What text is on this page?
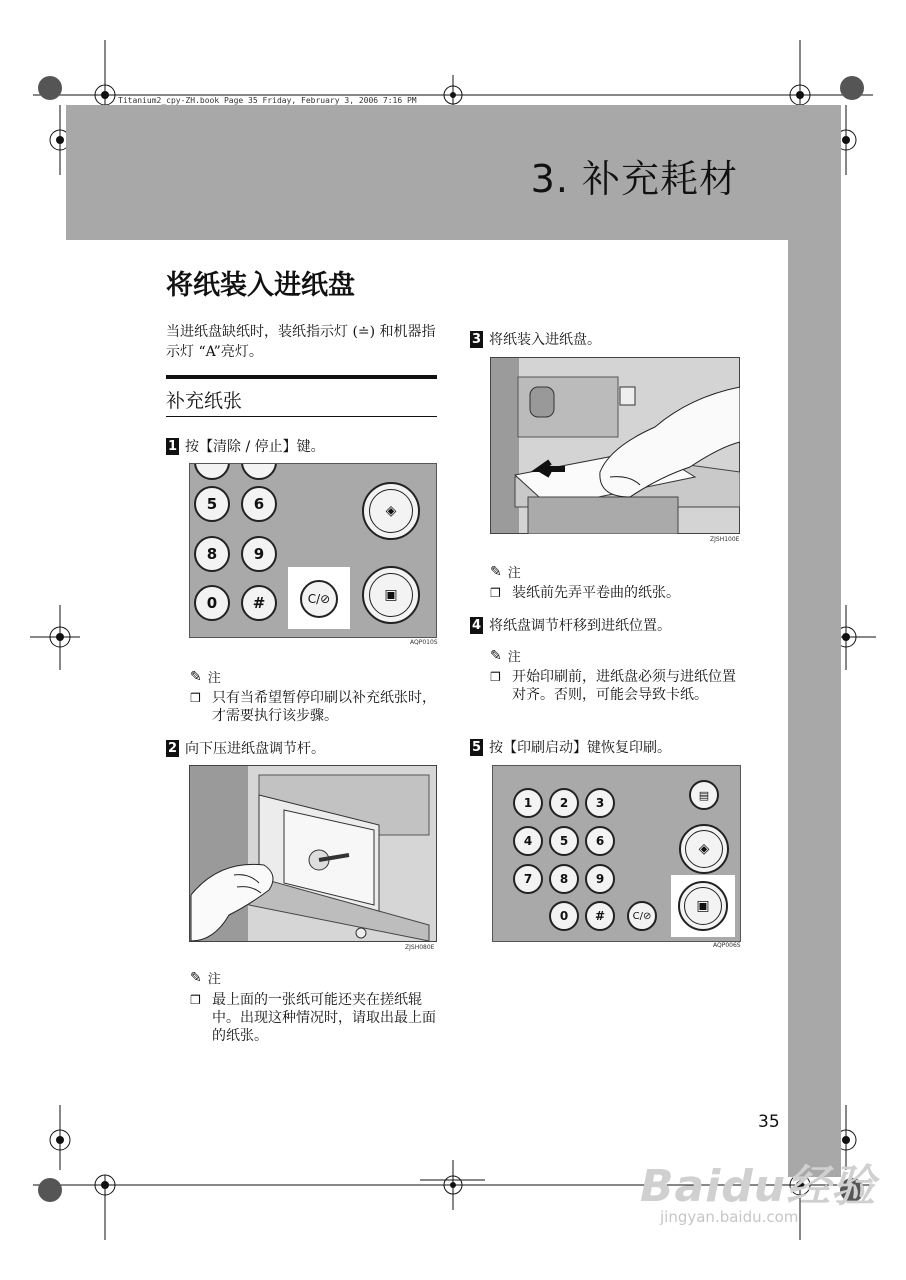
Titanium2_cpy-ZH.book Page 35 Friday, February 3, 2006 7:16 PM
3. 补充耗材
将纸装入进纸盘
当进纸盘缺纸时，装纸指示灯 (≐) 和机器指示灯 “A”亮灯。
补充纸张
1 按【清除 / 停止】键。
5	6
8	9
0	#	C/⊘
◈
▣
AQP010S
✎ 注
❒ 只有当希望暂停印刷以补充纸张时，才需要执行该步骤。
2 向下压进纸盘调节杆。
ZJSH080E
✎ 注
❒ 最上面的一张纸可能还夹在搓纸辊中。出现这种情况时，请取出最上面的纸张。
3 将纸装入进纸盘。
ZJSH100E
✎ 注
❒ 装纸前先弄平卷曲的纸张。
4 将纸盘调节杆移到进纸位置。
✎ 注
❒ 开始印刷前，进纸盘必须与进纸位置对齐。否则，可能会导致卡纸。
5 按【印刷启动】键恢复印刷。
1	2	3
4	5	6
7	8	9
0	#	C/⊘
▤
◈
▣
AQP006S
35
Baidu经验
jingyan.baidu.com
